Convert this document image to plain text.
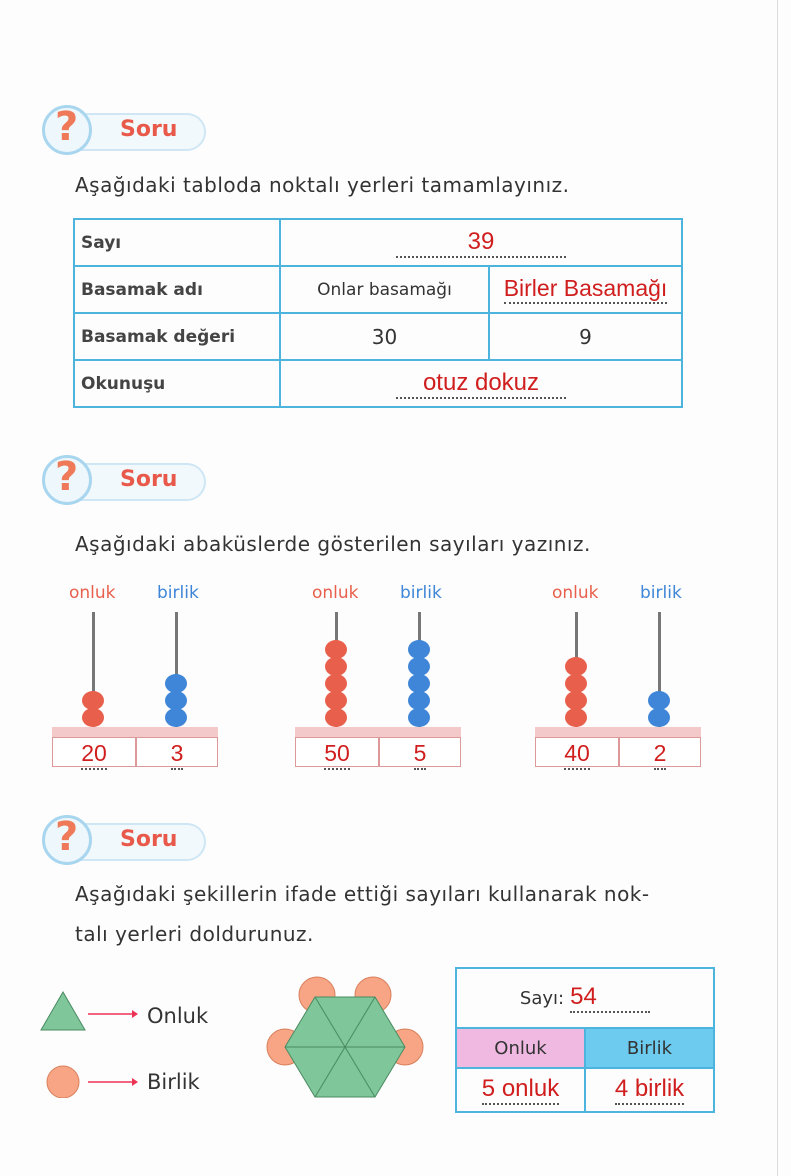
? Soru
Aşağıdaki tabloda noktalı yerleri tamamlayınız.
Sayı	39	
Basamak adı	Onlar basamağı	Birler Basamağı
Basamak değeri	30	9
Okunuşu	otuz dokuz	
? Soru
Aşağıdaki abaküslerde gösterilen sayıları yazınız.
onluk birlik
20	3
onluk birlik
50	5
onluk birlik
40	2
? Soru
Aşağıdaki şekillerin ifade ettiği sayıları kullanarak nok-
talı yerleri doldurunuz.
Onluk
Birlik
Sayı: 54
Onluk	Birlik
5 onluk 4 birlik
